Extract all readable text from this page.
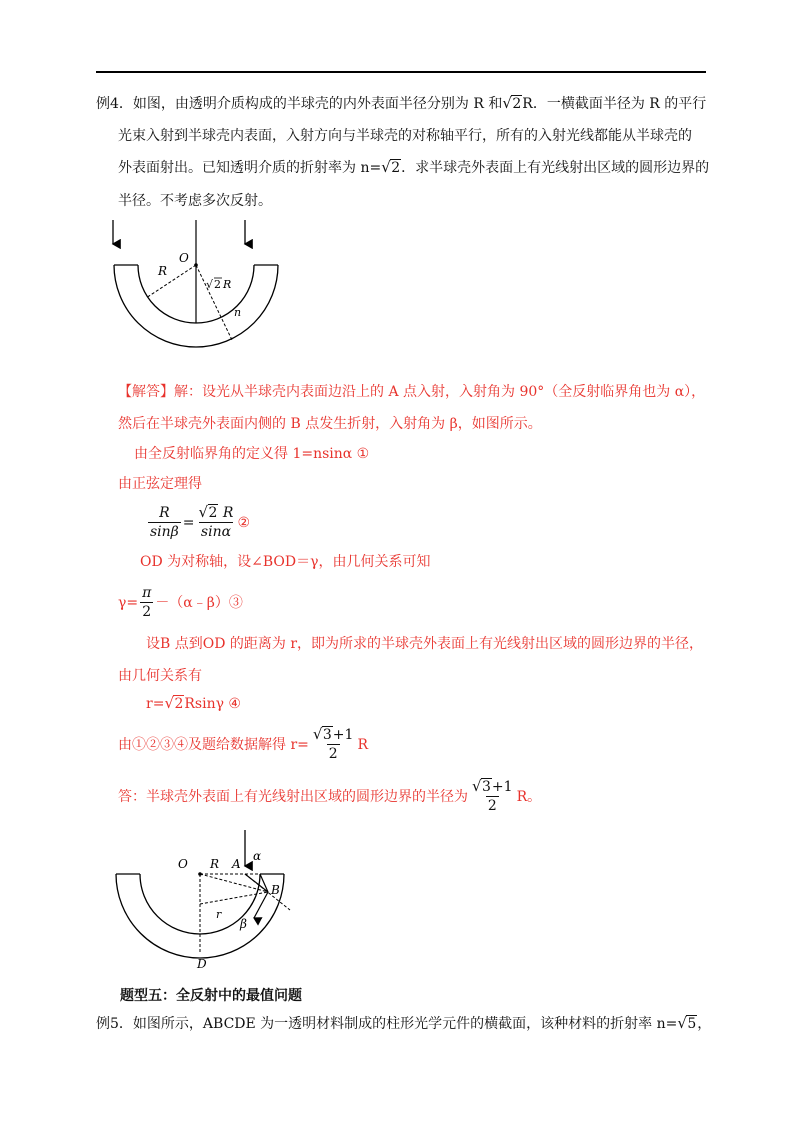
例4．如图，由透明介质构成的半球壳的内外表面半径分别为 R 和 √ 2R．一横截面半径为 R 的平行
光束入射到半球壳内表面，入射方向与半球壳的对称轴平行，所有的入射光线都能从半球壳的
外表面射出。已知透明介质的折射率为 n= √ 2．求半球壳外表面上有光线射出区域的圆形边界的
半径。不考虑多次反射。
O
R
√ 2 R
n
【解答】解：设光从半球壳内表面边沿上的 A 点入射，入射角为 90°（全反射临界角也为 α），
然后在半球壳外表面内侧的 B 点发生折射，入射角为 β，如图所示。
由全反射临界角的定义得 1=nsinα ①
由正弦定理得
$\frac{R}{\sin\beta}$ = √ $\frac{2 R}{\sin\alpha}$ ②
OD 为对称轴，设∠BOD＝γ，由几何关系可知
$\gamma= \frac{\pi}{2}$ －（α﹣β）③
设B 点到OD 的距离为 r，即为所求的半球壳外表面上有光线射出区域的圆形边界的半径，
由几何关系有
r= √ 2Rsinγ ④
由①②③④及题给数据解得 r= √ $\frac{3+1}{2}$ R
答：半球壳外表面上有光线射出区域的圆形边界的半径为 √ $\frac{3+1}{2}$ R。
O R A
α
B
r
β
D
题型五：全反射中的最值问题
例5．如图所示，ABCDE 为一透明材料制成的柱形光学元件的横截面，该种材料的折射率 n= √ 5，
